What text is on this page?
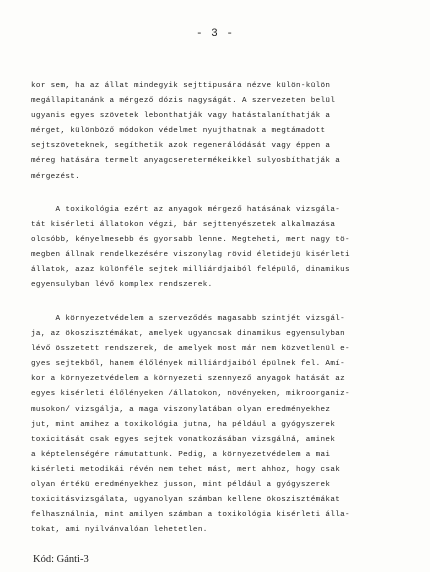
- 3 -
kor sem, ha az állat mindegyik sejttipusára nézve külön-külön
megállapitanánk a mérgező dózis nagyságát. A szervezeten belül
ugyanis egyes szövetek lebonthatják vagy hatástalaníthatják a
mérget, különböző módokon védelmet nyujthatnak a megtámadott
sejtszöveteknek, segíthetik azok regenerálódását vagy éppen a
méreg hatására termelt anyagcseretermékeikkel sulyosbíthatják a
mérgezést.
A toxikológia ezért az anyagok mérgező hatásának vizsgála-
tát kisérleti állatokon végzi, bár sejttenyészetek alkalmazása
olcsóbb, kényelmesebb és gyorsabb lenne. Megteheti, mert nagy tö-
megben állnak rendelkezésére viszonylag rövid életidejü kisérleti
állatok, azaz különféle sejtek milliárdjaiból felépülő, dinamikus
egyensulyban lévő komplex rendszerek.
A környezetvédelem a szerveződés magasabb szintjét vizsgál-
ja, az ökoszisztémákat, amelyek ugyancsak dinamikus egyensulyban
lévő összetett rendszerek, de amelyek most már nem közvetlenül e-
gyes sejtekből, hanem élőlények milliárdjaiból épülnek fel. Amí-
kor a környezetvédelem a környezeti szennyező anyagok hatását az
egyes kisérleti élőlényeken /állatokon, növényeken, mikroorganiz-
musokon/ vizsgálja, a maga viszonylatában olyan eredményekhez
jut, mint amihez a toxikológia jutna, ha például a gyógyszerek
toxicitását csak egyes sejtek vonatkozásában vizsgálná, aminek
a képtelenségére rámutattunk. Pedig, a környezetvédelem a mai
kisérleti metodikái révén nem tehet mást, mert ahhoz, hogy csak
olyan értékü eredményekhez jusson, mint például a gyógyszerek
toxicitásvizsgálata, ugyanolyan számban kellene ökoszisztémákat
felhasználnia, mint amilyen számban a toxikológia kisérleti álla-
tokat, ami nyilvánvalóan lehetetlen.
Kód: Gánti-3
